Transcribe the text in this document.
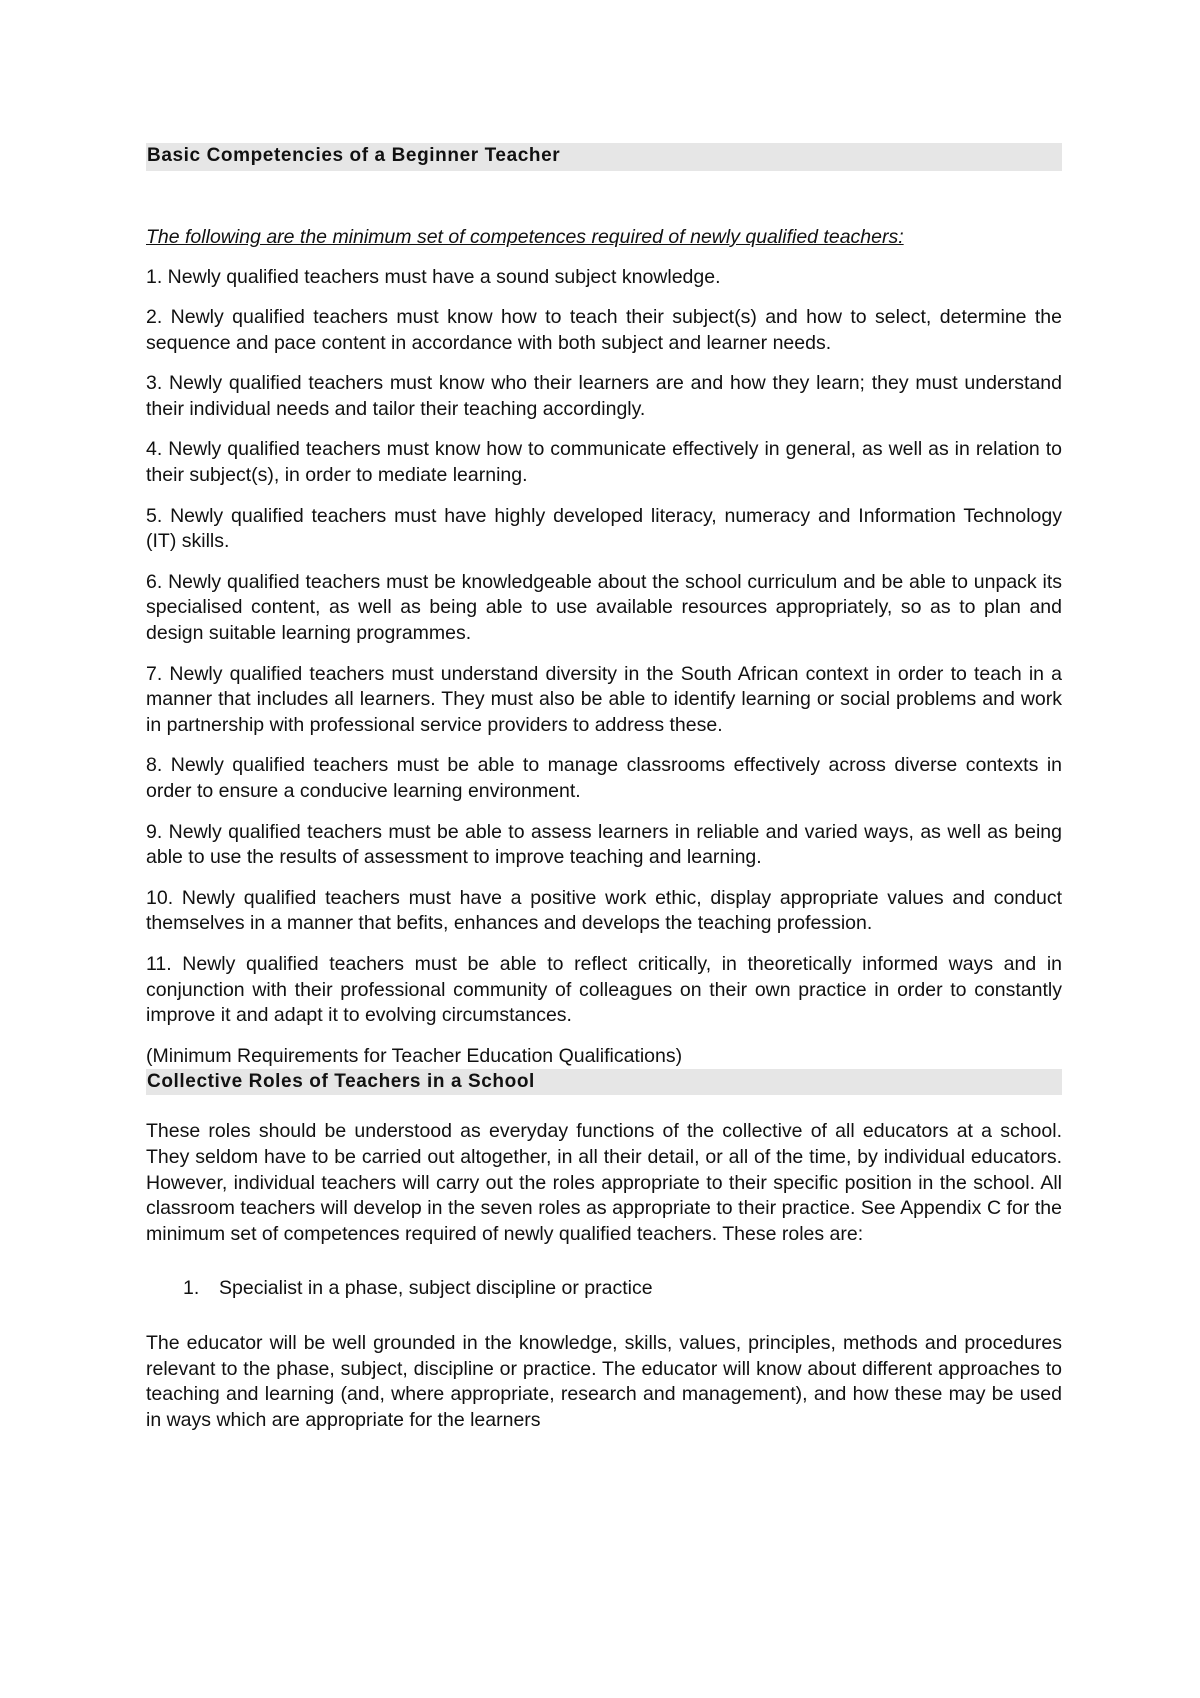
Basic Competencies of a Beginner Teacher
The following are the minimum set of competences required of newly qualified teachers:

1. Newly qualified teachers must have a sound subject knowledge.

2. Newly qualified teachers must know how to teach their subject(s) and how to select, determine the sequence and pace content in accordance with both subject and learner needs.

3. Newly qualified teachers must know who their learners are and how they learn; they must understand their individual needs and tailor their teaching accordingly.

4. Newly qualified teachers must know how to communicate effectively in general, as well as in relation to their subject(s), in order to mediate learning.

5. Newly qualified teachers must have highly developed literacy, numeracy and Information Technology (IT) skills.

6. Newly qualified teachers must be knowledgeable about the school curriculum and be able to unpack its specialised content, as well as being able to use available resources appropriately, so as to plan and design suitable learning programmes.

7. Newly qualified teachers must understand diversity in the South African context in order to teach in a manner that includes all learners. They must also be able to identify learning or social problems and work in partnership with professional service providers to address these.

8. Newly qualified teachers must be able to manage classrooms effectively across diverse contexts in order to ensure a conducive learning environment.

9. Newly qualified teachers must be able to assess learners in reliable and varied ways, as well as being able to use the results of assessment to improve teaching and learning.

10. Newly qualified teachers must have a positive work ethic, display appropriate values and conduct themselves in a manner that befits, enhances and develops the teaching profession.

11. Newly qualified teachers must be able to reflect critically, in theoretically informed ways and in conjunction with their professional community of colleagues on their own practice in order to constantly improve it and adapt it to evolving circumstances.

(Minimum Requirements for Teacher Education Qualifications)

Collective Roles of Teachers in a School

These roles should be understood as everyday functions of the collective of all educators at a school. They seldom have to be carried out altogether, in all their detail, or all of the time, by individual educators. However, individual teachers will carry out the roles appropriate to their specific position in the school. All classroom teachers will develop in the seven roles as appropriate to their practice. See Appendix C for the minimum set of competences required of newly qualified teachers. These roles are:

1.	Specialist in a phase, subject discipline or practice

The educator will be well grounded in the knowledge, skills, values, principles, methods and procedures relevant to the phase, subject, discipline or practice. The educator will know about different approaches to teaching and learning (and, where appropriate, research and management), and how these may be used in ways which are appropriate for the learners
